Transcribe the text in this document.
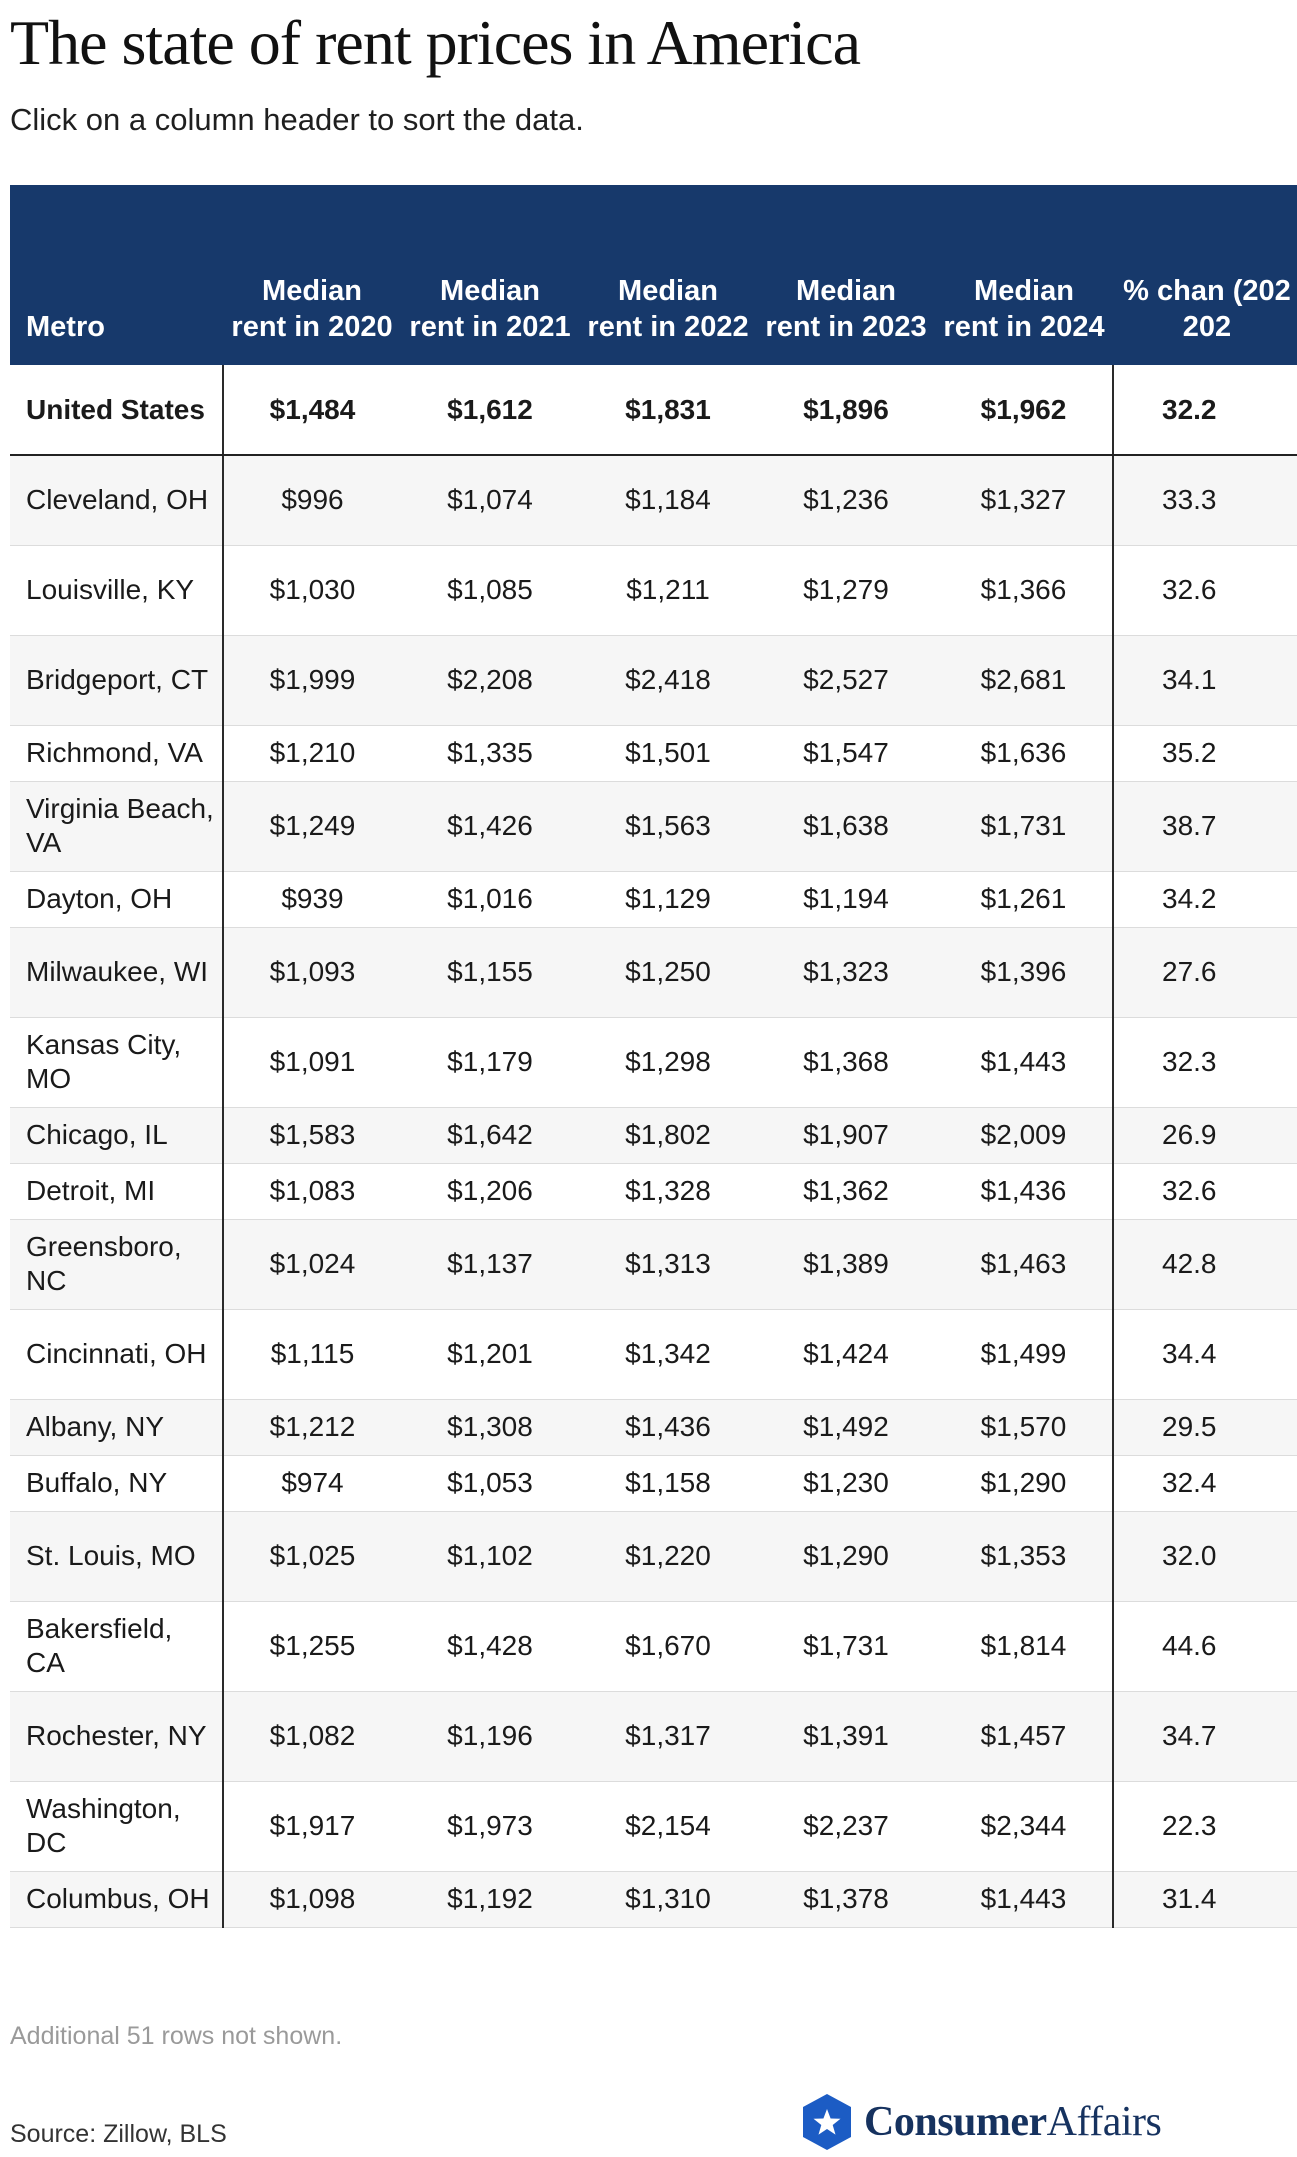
The state of rent prices in America
Click on a column header to sort the data.
Metro	Median rent in 2020	Median rent in 2021	Median rent in 2022	Median rent in 2023	Median rent in 2024	% chan (202 202
United States	$1,484	$1,612	$1,831	$1,896	$1,962	32.2
Cleveland, OH	$996	$1,074	$1,184	$1,236	$1,327	33.3
Louisville, KY	$1,030	$1,085	$1,211	$1,279	$1,366	32.6
Bridgeport, CT	$1,999	$2,208	$2,418	$2,527	$2,681	34.1
Richmond, VA	$1,210	$1,335	$1,501	$1,547	$1,636	35.2
Virginia Beach, VA	$1,249	$1,426	$1,563	$1,638	$1,731	38.7
Dayton, OH	$939	$1,016	$1,129	$1,194	$1,261	34.2
Milwaukee, WI	$1,093	$1,155	$1,250	$1,323	$1,396	27.6
Kansas City, MO	$1,091	$1,179	$1,298	$1,368	$1,443	32.3
Chicago, IL	$1,583	$1,642	$1,802	$1,907	$2,009	26.9
Detroit, MI	$1,083	$1,206	$1,328	$1,362	$1,436	32.6
Greensboro, NC	$1,024	$1,137	$1,313	$1,389	$1,463	42.8
Cincinnati, OH	$1,115	$1,201	$1,342	$1,424	$1,499	34.4
Albany, NY	$1,212	$1,308	$1,436	$1,492	$1,570	29.5
Buffalo, NY	$974	$1,053	$1,158	$1,230	$1,290	32.4
St. Louis, MO	$1,025	$1,102	$1,220	$1,290	$1,353	32.0
Bakersfield, CA	$1,255	$1,428	$1,670	$1,731	$1,814	44.6
Rochester, NY	$1,082	$1,196	$1,317	$1,391	$1,457	34.7
Washington, DC	$1,917	$1,973	$2,154	$2,237	$2,344	22.3
Columbus, OH	$1,098	$1,192	$1,310	$1,378	$1,443	31.4
Additional 51 rows not shown.
Source: Zillow, BLS	ConsumerAffairs
